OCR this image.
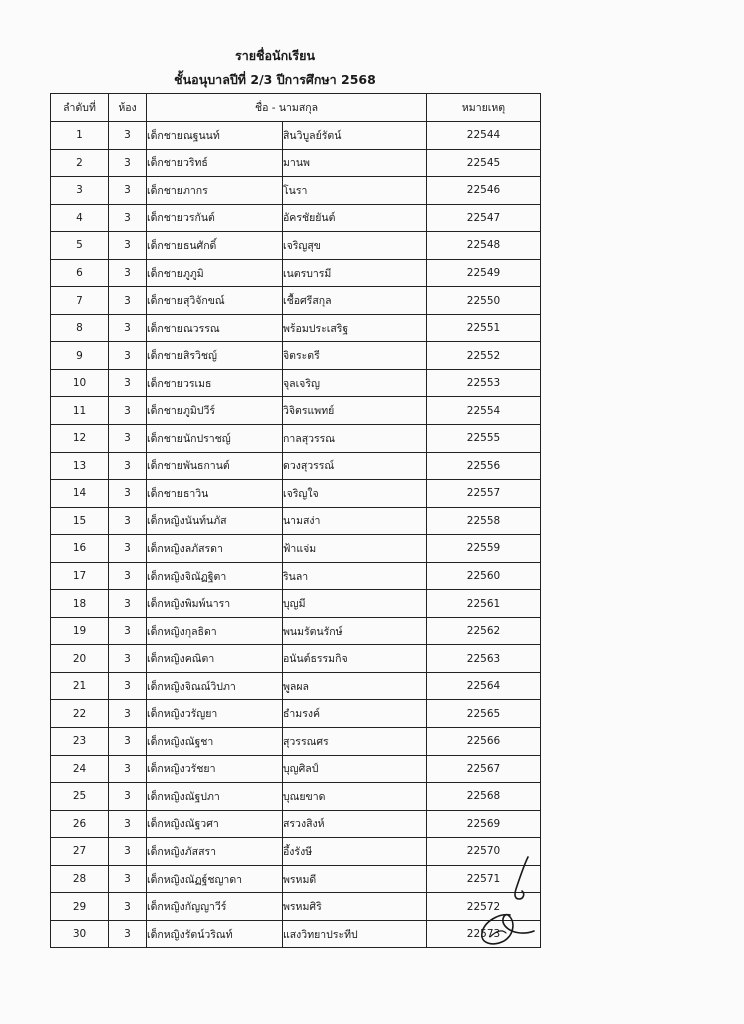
รายชื่อนักเรียน
ชั้นอนุบาลปีที่ 2/3 ปีการศึกษา 2568
ลำดับที่	ห้อง	ชื่อ - นามสกุล		หมายเหตุ
1	3	เด็กชายณฐนนท์	สินวิบูลย์รัตน์	22544
2	3	เด็กชายวริทธ์	มานพ	22545
3	3	เด็กชายภากร	โนรา	22546
4	3	เด็กชายวรกันต์	อัครชัยยันต์	22547
5	3	เด็กชายธนศักดิ์	เจริญสุข	22548
6	3	เด็กชายภูภูมิ	เนตรบารมี	22549
7	3	เด็กชายสุวิจักขณ์	เชื้อศรีสกุล	22550
8	3	เด็กชายณวรรณ	พร้อมประเสริฐ	22551
9	3	เด็กชายสิรวิชญ์	จิตระตรี	22552
10	3	เด็กชายวรเมธ	จุลเจริญ	22553
11	3	เด็กชายภูมิปวีร์	วิจิตรแพทย์	22554
12	3	เด็กชายนักปราชญ์	กาลสุวรรณ	22555
13	3	เด็กชายพันธกานต์	ดวงสุวรรณ์	22556
14	3	เด็กชายธาวิน	เจริญใจ	22557
15	3	เด็กหญิงนันท์นภัส	นามสง่า	22558
16	3	เด็กหญิงลภัสรดา	ฟ้าแจ่ม	22559
17	3	เด็กหญิงจิณัฏฐิตา	รินลา	22560
18	3	เด็กหญิงพิมพ์นารา	บุญมี	22561
19	3	เด็กหญิงกุลธิดา	พนมรัตนรักษ์	22562
20	3	เด็กหญิงคณิตา	อนันต์ธรรมกิจ	22563
21	3	เด็กหญิงจิณณ์วิปภา	พูลผล	22564
22	3	เด็กหญิงวรัญยา	ธำมรงค์	22565
23	3	เด็กหญิงณัฐชา	สุวรรณศร	22566
24	3	เด็กหญิงวรัชยา	บุญศิลป์	22567
25	3	เด็กหญิงณัฐปภา	บุณยขาด	22568
26	3	เด็กหญิงณัฐวศา	สรวงสิงห์	22569
27	3	เด็กหญิงภัสสรา	อึ้งรังษี	22570
28	3	เด็กหญิงณัฏฐ์ชญาดา	พรหมดี	22571
29	3	เด็กหญิงกัญญาวีร์	พรหมศิริ	22572
30	3	เด็กหญิงรัตน์วริณท์	แสงวิทยาประทีป	22573
